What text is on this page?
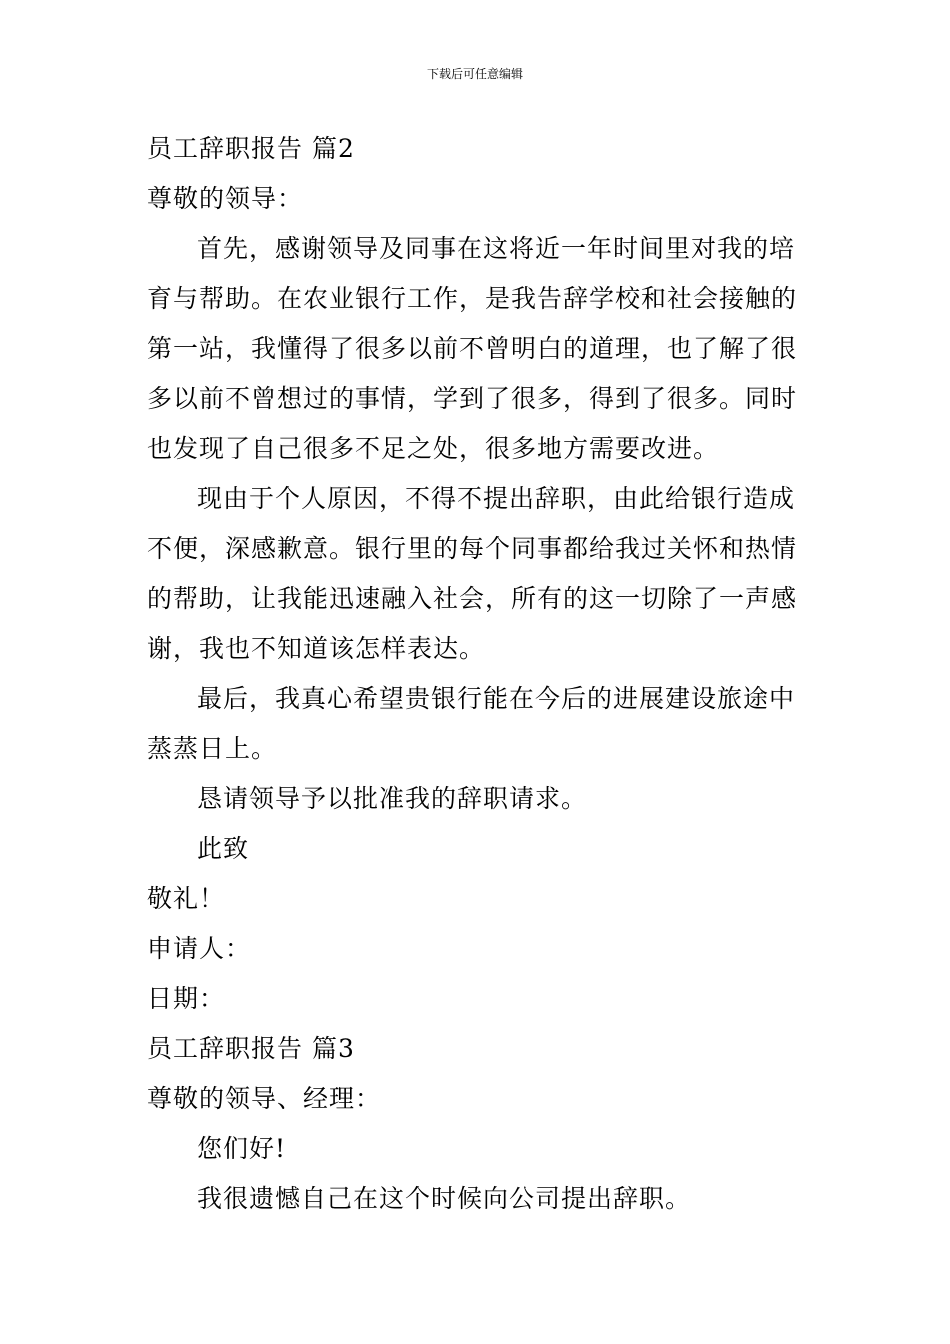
下载后可任意编辑
员工辞职报告 篇2
尊敬的领导：
首先，感谢领导及同事在这将近一年时间里对我的培
育与帮助。在农业银行工作，是我告辞学校和社会接触的
第一站，我懂得了很多以前不曾明白的道理，也了解了很
多以前不曾想过的事情，学到了很多，得到了很多。同时
也发现了自己很多不足之处，很多地方需要改进。
现由于个人原因，不得不提出辞职，由此给银行造成
不便，深感歉意。银行里的每个同事都给我过关怀和热情
的帮助，让我能迅速融入社会，所有的这一切除了一声感
谢，我也不知道该怎样表达。
最后，我真心希望贵银行能在今后的进展建设旅途中
蒸蒸日上。
恳请领导予以批准我的辞职请求。
此致
敬礼！
申请人：
日期：
员工辞职报告 篇3
尊敬的领导、经理：
您们好!
我很遗憾自己在这个时候向公司提出辞职。
